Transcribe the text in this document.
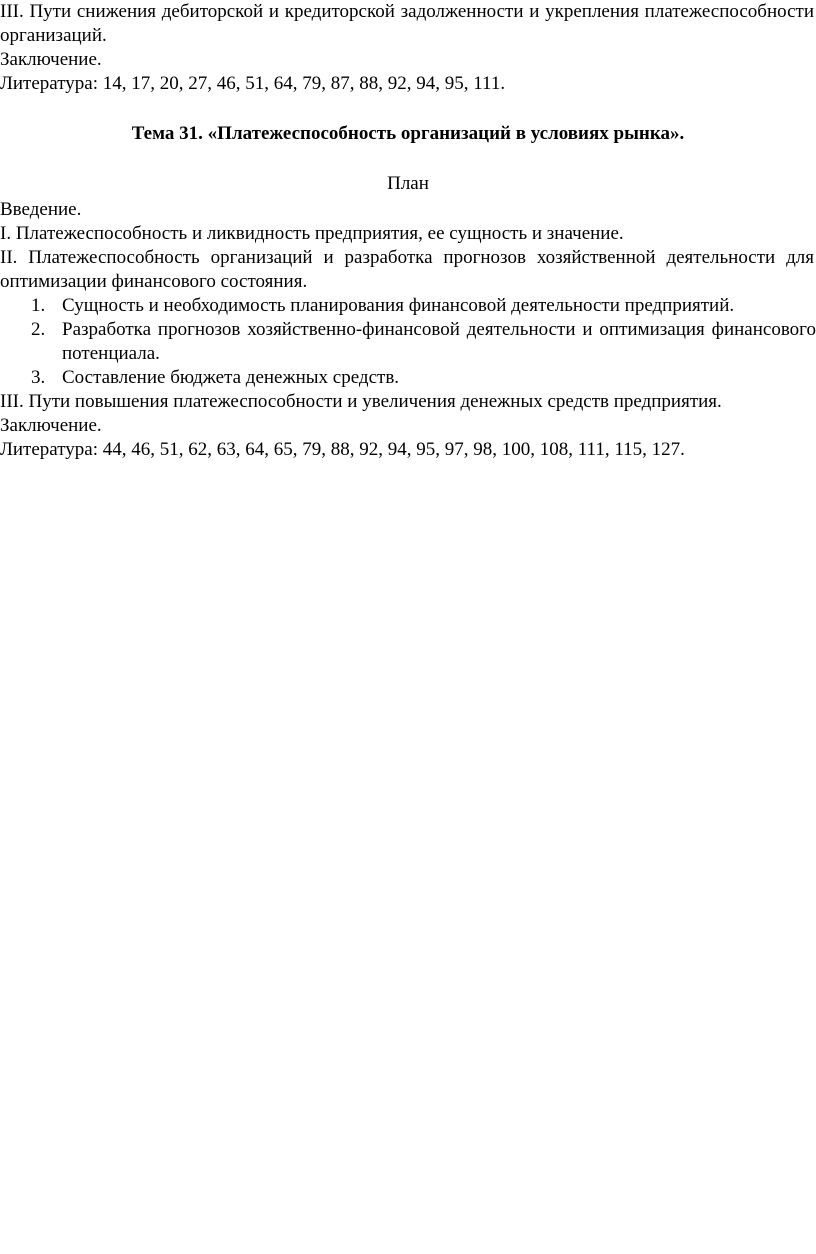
III. Пути снижения дебиторской и кредиторской задолженности и укрепления платежеспособности организаций.

Заключение.

Литература: 14, 17, 20, 27, 46, 51, 64, 79, 87, 88, 92, 94, 95, 111.

Тема 31. «Платежеспособность организаций в условиях рынка».

План

Введение.

I. Платежеспособность и ликвидность предприятия, ее сущность и значение.

II. Платежеспособность организаций и разработка прогнозов хозяйственной деятельности для оптимизации финансового состояния.

1. Сущность и необходимость планирования финансовой деятельности предприятий.
2. Разработка прогнозов хозяйственно-финансовой деятельности и оптимизация финансового потенциала.
3. Составление бюджета денежных средств.

III. Пути повышения платежеспособности и увеличения денежных средств предприятия.

Заключение.

Литература: 44, 46, 51, 62, 63, 64, 65, 79, 88, 92, 94, 95, 97, 98, 100, 108, 111, 115, 127.
